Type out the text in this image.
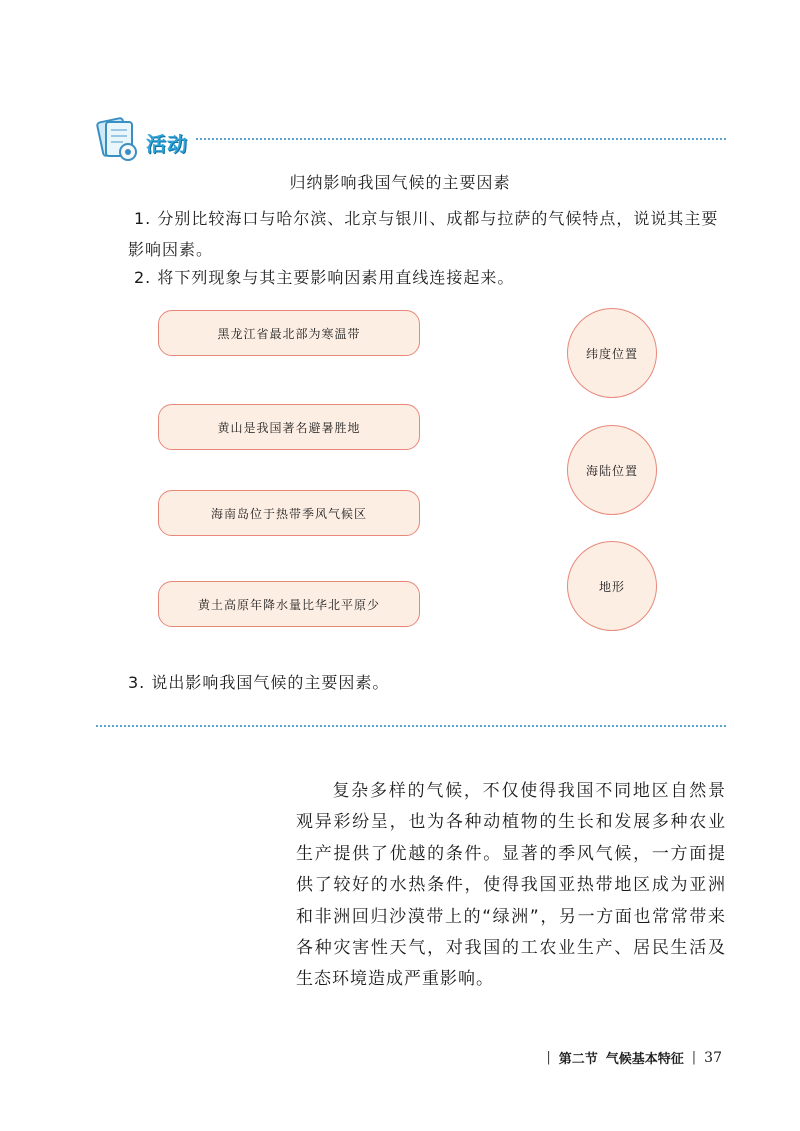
活动
归纳影响我国气候的主要因素
1. 分别比较海口与哈尔滨、北京与银川、成都与拉萨的气候特点，说说其主要影响因素。
2. 将下列现象与其主要影响因素用直线连接起来。
黑龙江省最北部为寒温带
黄山是我国著名避暑胜地
海南岛位于热带季风气候区
黄土高原年降水量比华北平原少
纬度位置
海陆位置
地形
3. 说出影响我国气候的主要因素。
复杂多样的气候，不仅使得我国不同地区自然景观异彩纷呈，也为各种动植物的生长和发展多种农业生产提供了优越的条件。显著的季风气候，一方面提供了较好的水热条件，使得我国亚热带地区成为亚洲和非洲回归沙漠带上的“绿洲”，另一方面也常常带来各种灾害性天气，对我国的工农业生产、居民生活及生态环境造成严重影响。
| 第二节 气候基本特征 | 37
